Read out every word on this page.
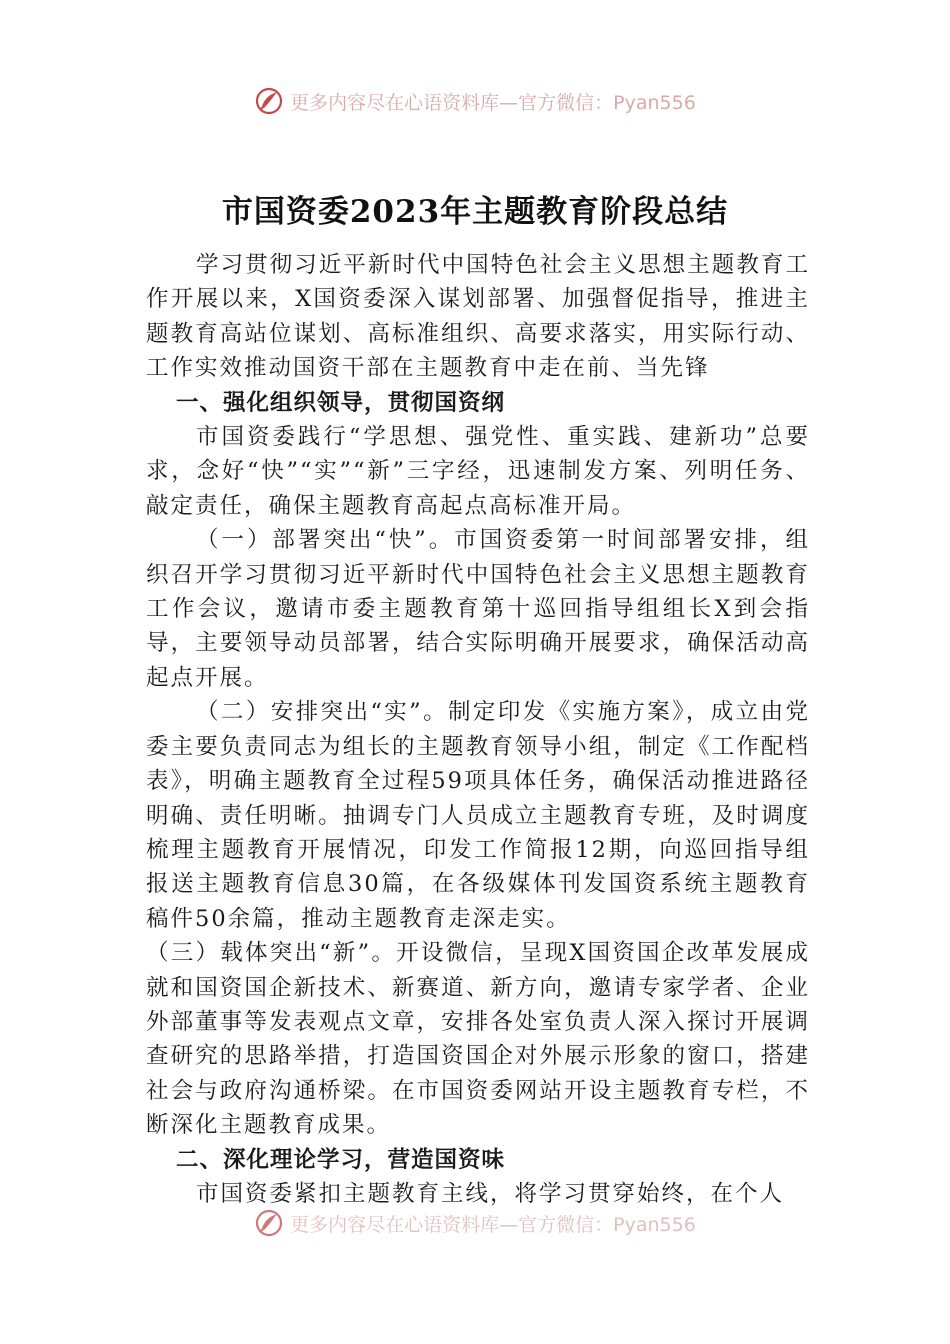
更多内容尽在心语资料库—官方微信：Pyan556
市国资委2023年主题教育阶段总结

学习贯彻习近平新时代中国特色社会主义思想主题教育工作开展以来，X国资委深入谋划部署、加强督促指导，推进主题教育高站位谋划、高标准组织、高要求落实，用实际行动、工作实效推动国资干部在主题教育中走在前、当先锋

一、强化组织领导，贯彻国资纲

市国资委践行“学思想、强党性、重实践、建新功”总要求，念好“快”“实”“新”三字经，迅速制发方案、列明任务、敲定责任，确保主题教育高起点高标准开局。

（一）部署突出“快”。市国资委第一时间部署安排，组织召开学习贯彻习近平新时代中国特色社会主义思想主题教育工作会议，邀请市委主题教育第十巡回指导组组长X到会指导，主要领导动员部署，结合实际明确开展要求，确保活动高起点开展。

（二）安排突出“实”。制定印发《实施方案》，成立由党委主要负责同志为组长的主题教育领导小组，制定《工作配档表》，明确主题教育全过程59项具体任务，确保活动推进路径明确、责任明晰。抽调专门人员成立主题教育专班，及时调度梳理主题教育开展情况，印发工作简报12期，向巡回指导组报送主题教育信息30篇，在各级媒体刊发国资系统主题教育稿件50余篇，推动主题教育走深走实。

（三）载体突出“新”。开设微信，呈现X国资国企改革发展成就和国资国企新技术、新赛道、新方向，邀请专家学者、企业外部董事等发表观点文章，安排各处室负责人深入探讨开展调查研究的思路举措，打造国资国企对外展示形象的窗口，搭建社会与政府沟通桥梁。在市国资委网站开设主题教育专栏，不断深化主题教育成果。

二、深化理论学习，营造国资味

市国资委紧扣主题教育主线，将学习贯穿始终，在个人

更多内容尽在心语资料库—官方微信：Pyan556
